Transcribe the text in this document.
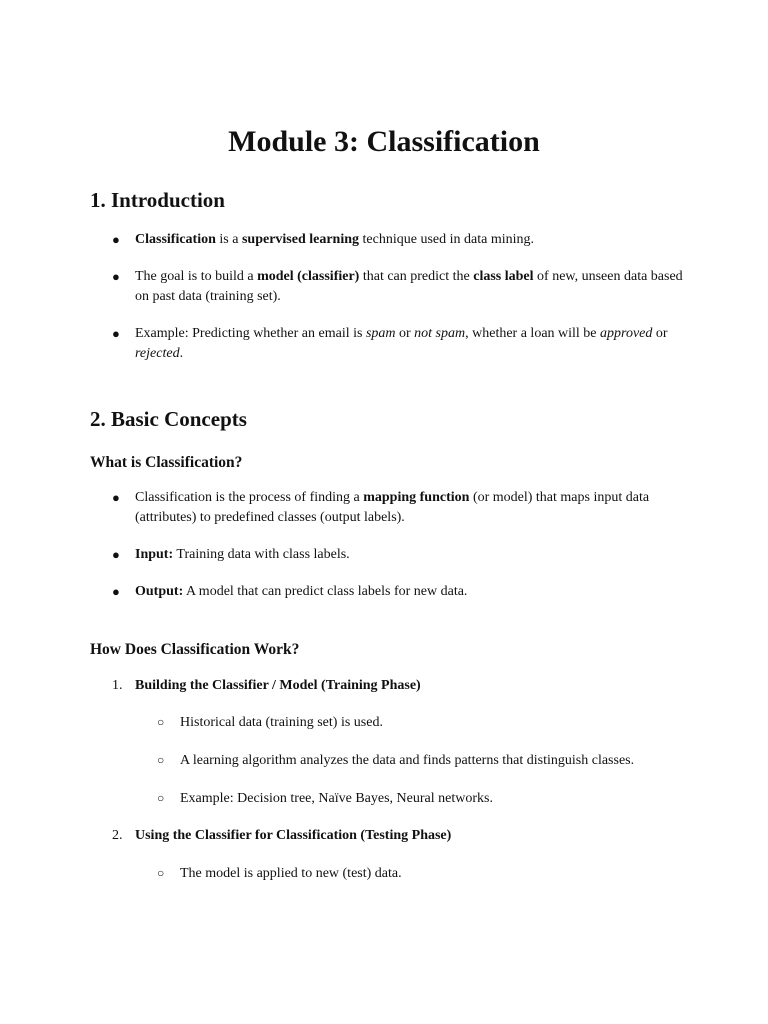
Module 3: Classification
1. Introduction
●	Classification is a supervised learning technique used in data mining.
●	The goal is to build a model (classifier) that can predict the class label of new, unseen data based
on past data (training set).
●	Example: Predicting whether an email is spam or not spam, whether a loan will be approved or
rejected.
2. Basic Concepts
What is Classification?
●	Classification is the process of finding a mapping function (or model) that maps input data
(attributes) to predefined classes (output labels).
●	Input: Training data with class labels.
●	Output: A model that can predict class labels for new data.
How Does Classification Work?
1. Building the Classifier / Model (Training Phase)
○	Historical data (training set) is used.
○	A learning algorithm analyzes the data and finds patterns that distinguish classes.
○	Example: Decision tree, Naïve Bayes, Neural networks.
2. Using the Classifier for Classification (Testing Phase)
○	The model is applied to new (test) data.
